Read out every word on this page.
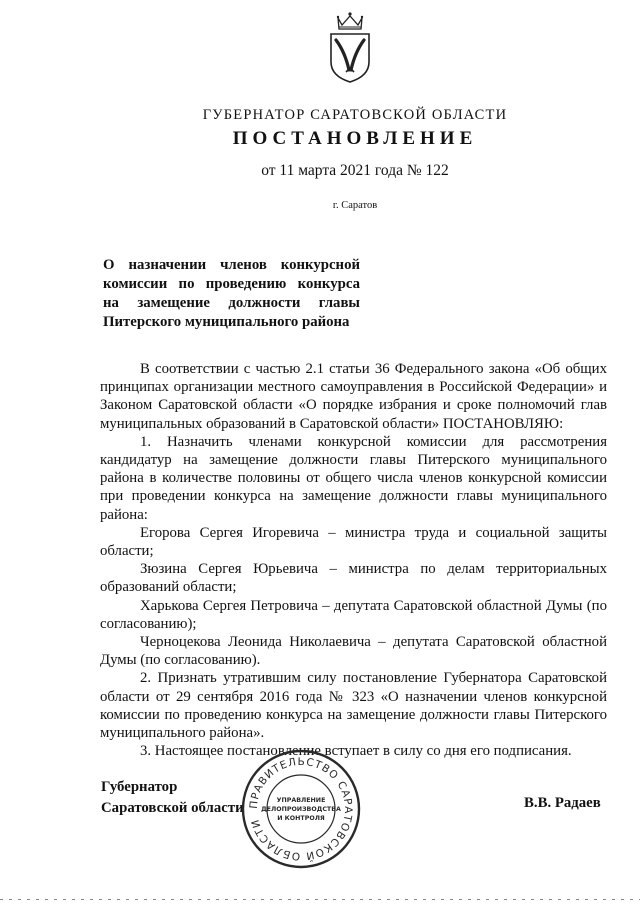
ГУБЕРНАТОР САРАТОВСКОЙ ОБЛАСТИ
ПОСТАНОВЛЕНИЕ
от 11 марта 2021 года № 122
г. Саратов
О назначении членов конкурсной
комиссии по проведению конкурса
на замещение должности главы
Питерского муниципального района

В соответствии с частью 2.1 статьи 36 Федерального закона «Об общих принципах организации местного самоуправления в Российской Федерации» и Законом Саратовской области «О порядке избрания и сроке полномочий глав муниципальных образований в Саратовской области» ПОСТАНОВЛЯЮ:

1. Назначить членами конкурсной комиссии для рассмотрения кандидатур на замещение должности главы Питерского муниципального района в количестве половины от общего числа членов конкурсной комиссии при проведении конкурса на замещение должности главы муниципального района:

Егорова Сергея Игоревича – министра труда и социальной защиты области;

Зюзина Сергея Юрьевича – министра по делам территориальных образований области;

Харькова Сергея Петровича – депутата Саратовской областной Думы (по согласованию);

Черноцекова Леонида Николаевича – депутата Саратовской областной Думы (по согласованию).

2. Признать утратившим силу постановление Губернатора Саратовской области от 29 сентября 2016 года № 323 «О назначении членов конкурсной комиссии по проведению конкурса на замещение должности главы Питерского муниципального района».

3. Настоящее постановление вступает в силу со дня его подписания.

Губернатор
Саратовской области	В.В. Радаев
ПРАВИТЕЛЬСТВО САРАТОВСКОЙ ОБЛАСТИ
УПРАВЛЕНИЕ
ДЕЛОПРОИЗВОДСТВА
И КОНТРОЛЯ
